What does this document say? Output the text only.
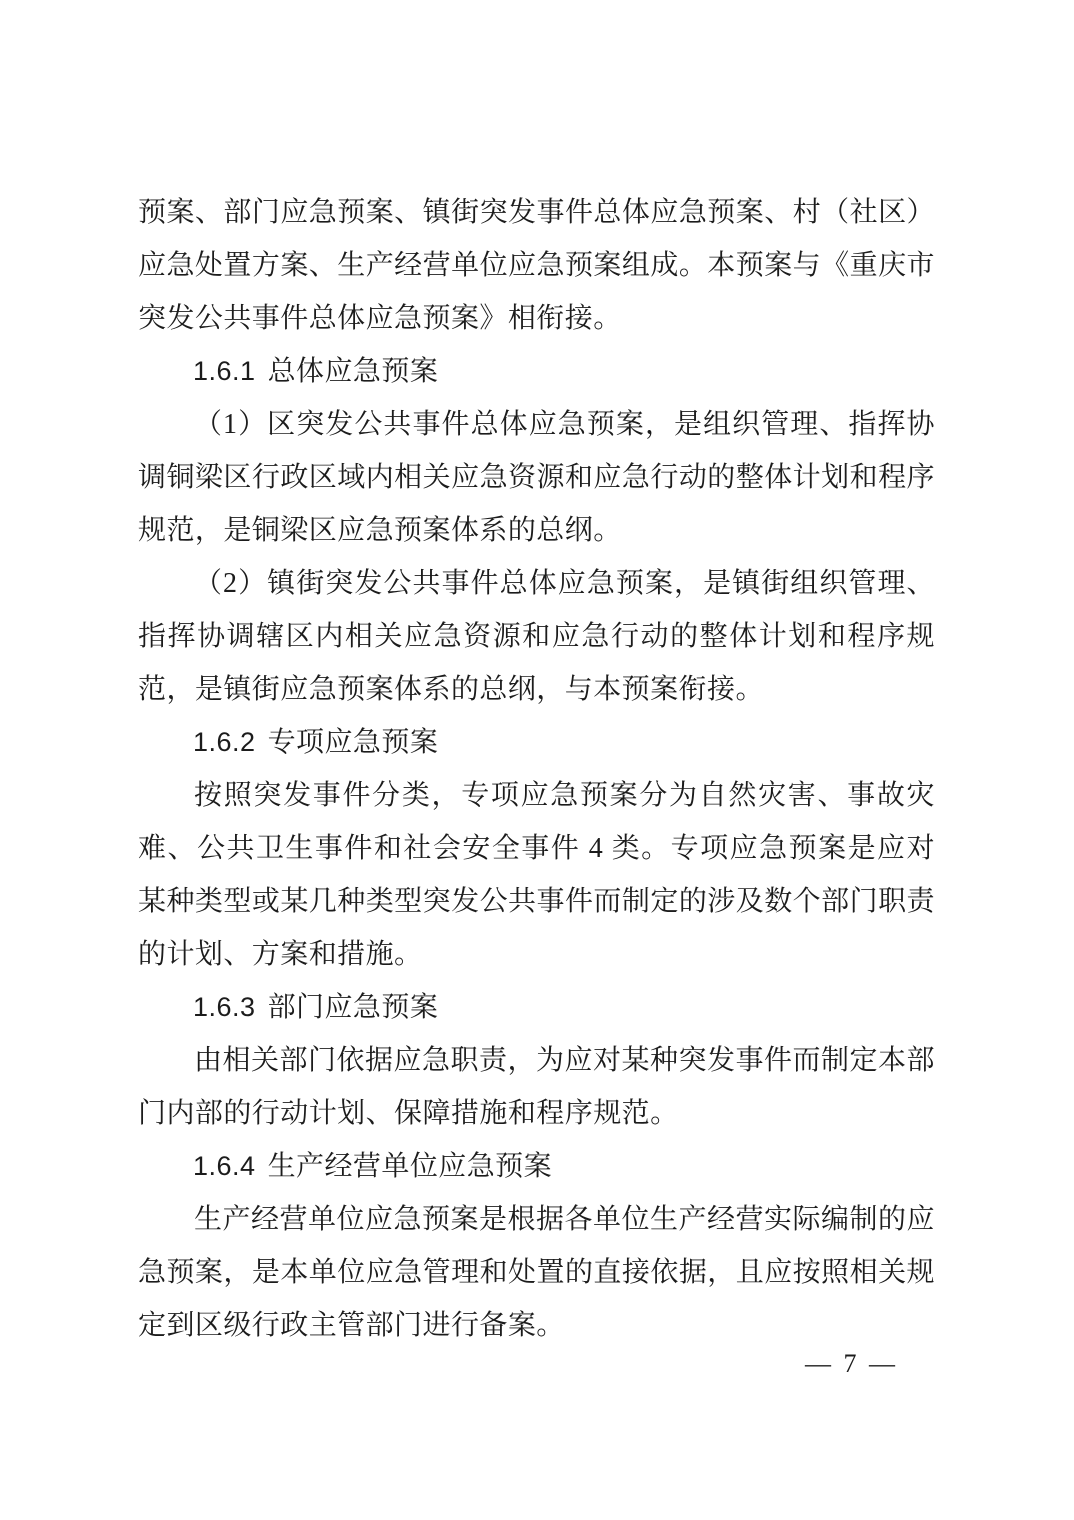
预案、部门应急预案、镇街突发事件总体应急预案、村（社区）应急处置方案、生产经营单位应急预案组成。本预案与《重庆市突发公共事件总体应急预案》相衔接。

1.6.1 总体应急预案

（1）区突发公共事件总体应急预案，是组织管理、指挥协调铜梁区行政区域内相关应急资源和应急行动的整体计划和程序规范，是铜梁区应急预案体系的总纲。

（2）镇街突发公共事件总体应急预案，是镇街组织管理、指挥协调辖区内相关应急资源和应急行动的整体计划和程序规范，是镇街应急预案体系的总纲，与本预案衔接。

1.6.2 专项应急预案

按照突发事件分类，专项应急预案分为自然灾害、事故灾难、公共卫生事件和社会安全事件 4 类。专项应急预案是应对某种类型或某几种类型突发公共事件而制定的涉及数个部门职责的计划、方案和措施。

1.6.3 部门应急预案

由相关部门依据应急职责，为应对某种突发事件而制定本部门内部的行动计划、保障措施和程序规范。

1.6.4 生产经营单位应急预案

生产经营单位应急预案是根据各单位生产经营实际编制的应急预案，是本单位应急管理和处置的直接依据，且应按照相关规定到区级行政主管部门进行备案。

— 7 —
